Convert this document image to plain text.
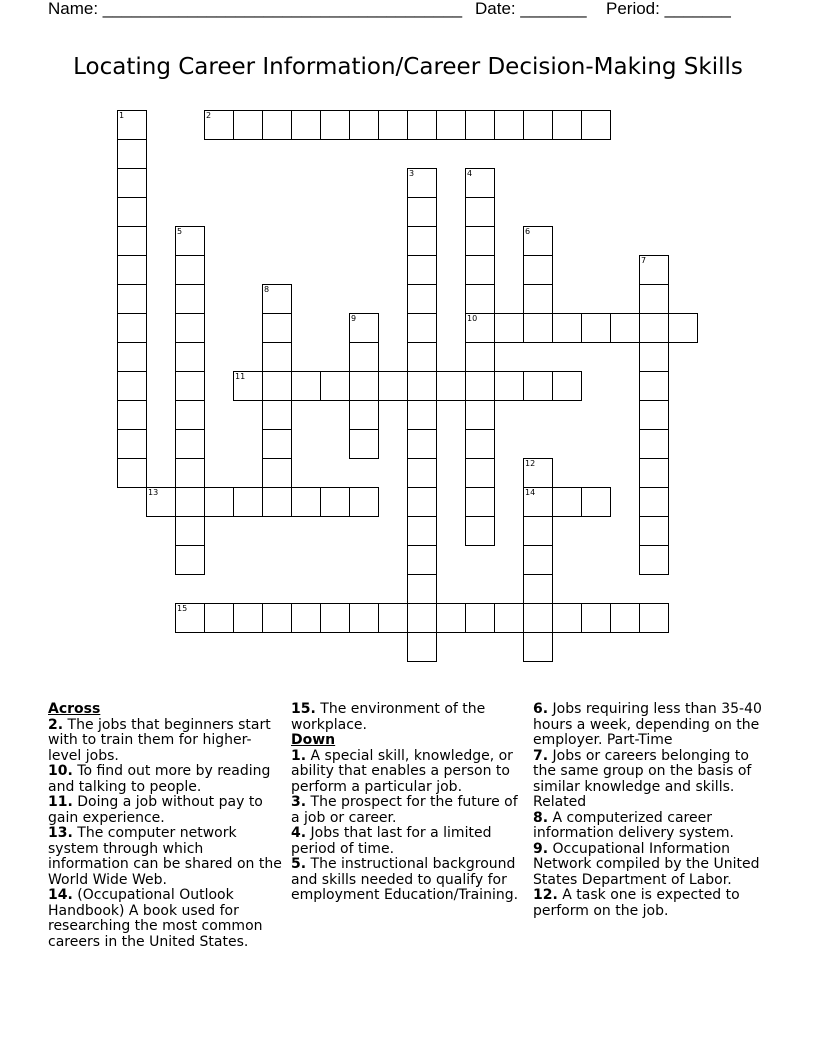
Name: ______________________________________ Date: _______ Period: _______
Locating Career Information/Career Decision-Making Skills
1	2
3	4
10
5	6
7
8
9
11
12
14
13
15

Across

2. The jobs that beginners start with to train them for higher-level jobs.

10. To find out more by reading and talking to people.

11. Doing a job without pay to gain experience.

13. The computer network system through which information can be shared on the World Wide Web.

14. (Occupational Outlook Handbook) A book used for researching the most common careers in the United States.

15. The environment of the workplace.

Down

1. A special skill, knowledge, or ability that enables a person to perform a particular job.

3. The prospect for the future of a job or career.

4. Jobs that last for a limited period of time.

5. The instructional background and skills needed to qualify for employment Education/Training.

6. Jobs requiring less than 35-40 hours a week, depending on the employer. Part-Time

7. Jobs or careers belonging to the same group on the basis of similar knowledge and skills. Related

8. A computerized career information delivery system.

9. Occupational Information Network compiled by the United States Department of Labor.

12. A task one is expected to perform on the job.
